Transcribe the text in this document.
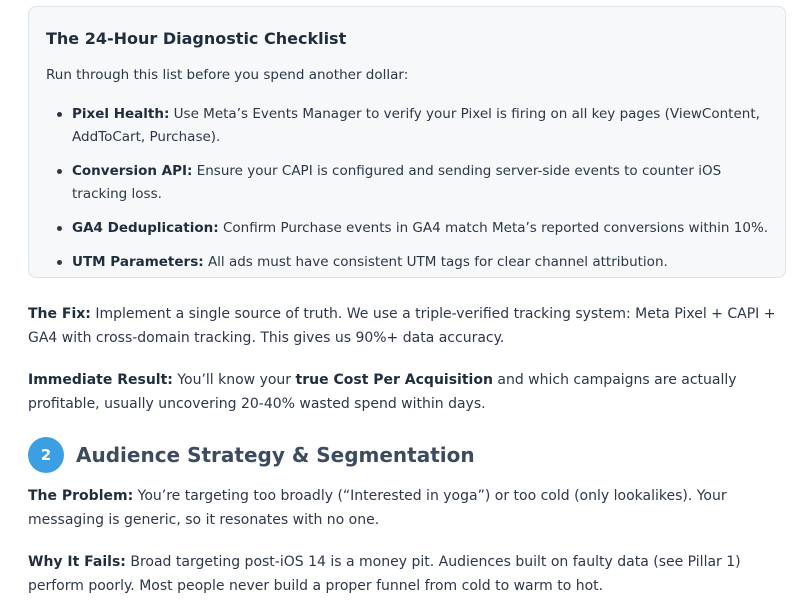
The 24-Hour Diagnostic Checklist

Run through this list before you spend another dollar:

Pixel Health: Use Meta’s Events Manager to verify your Pixel is firing on all key pages (ViewContent, AddToCart, Purchase).
Conversion API: Ensure your CAPI is configured and sending server-side events to counter iOS tracking loss.
GA4 Deduplication: Confirm Purchase events in GA4 match Meta’s reported conversions within 10%.
UTM Parameters: All ads must have consistent UTM tags for clear channel attribution.

The Fix: Implement a single source of truth. We use a triple-verified tracking system: Meta Pixel + CAPI + GA4 with cross-domain tracking. This gives us 90%+ data accuracy.

Immediate Result: You’ll know your true Cost Per Acquisition and which campaigns are actually profitable, usually uncovering 20-40% wasted spend within days.

2	Audience Strategy & Segmentation

The Problem: You’re targeting too broadly (“Interested in yoga”) or too cold (only lookalikes). Your messaging is generic, so it resonates with no one.

Why It Fails: Broad targeting post-iOS 14 is a money pit. Audiences built on faulty data (see Pillar 1) perform poorly. Most people never build a proper funnel from cold to warm to hot.
